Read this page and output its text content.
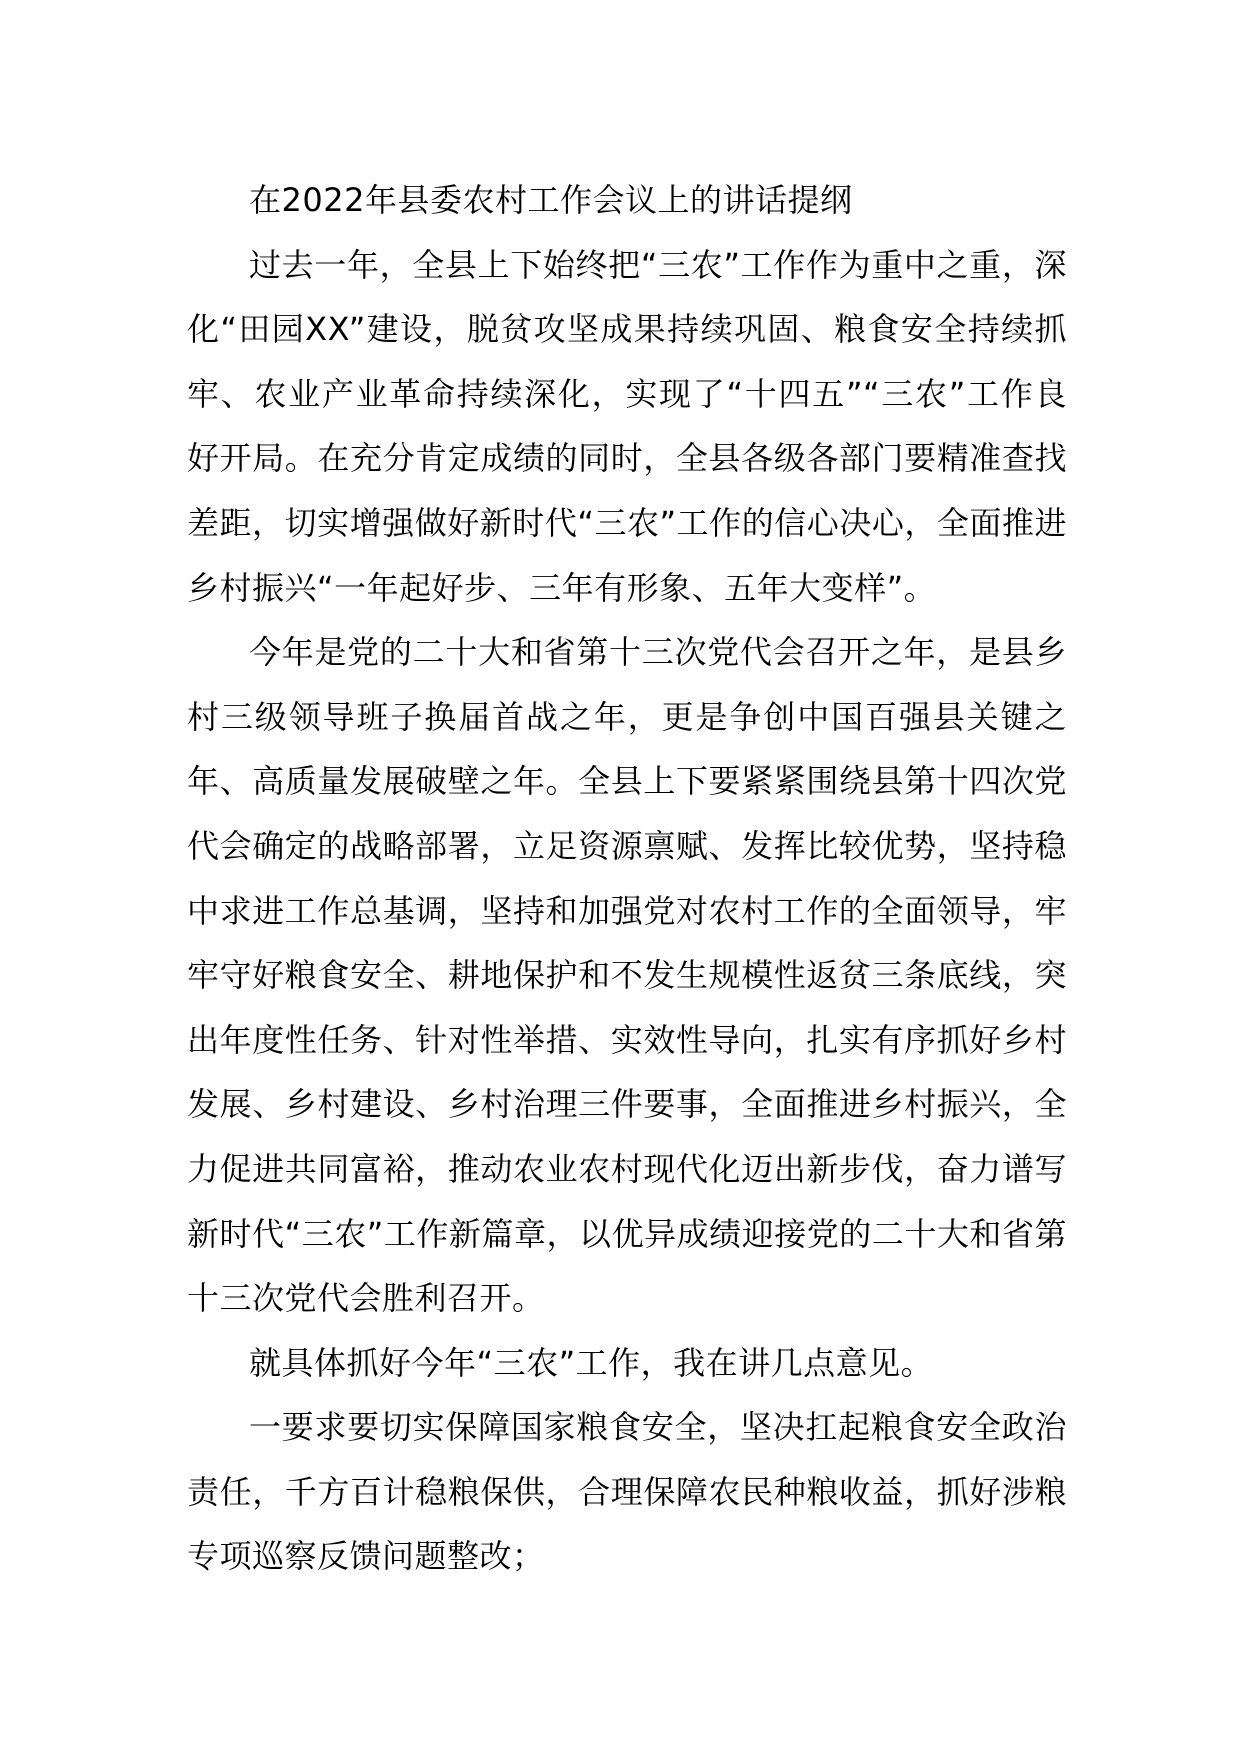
在2022年县委农村工作会议上的讲话提纲

过去一年，全县上下始终把“三农”工作作为重中之重，深化“田园XX”建设，脱贫攻坚成果持续巩固、粮食安全持续抓牢、农业产业革命持续深化，实现了“十四五”“三农”工作良好开局。在充分肯定成绩的同时，全县各级各部门要精准查找差距，切实增强做好新时代“三农”工作的信心决心，全面推进乡村振兴“一年起好步、三年有形象、五年大变样”。

今年是党的二十大和省第十三次党代会召开之年，是县乡村三级领导班子换届首战之年，更是争创中国百强县关键之年、高质量发展破壁之年。全县上下要紧紧围绕县第十四次党代会确定的战略部署，立足资源禀赋、发挥比较优势，坚持稳中求进工作总基调，坚持和加强党对农村工作的全面领导，牢牢守好粮食安全、耕地保护和不发生规模性返贫三条底线，突出年度性任务、针对性举措、实效性导向，扎实有序抓好乡村发展、乡村建设、乡村治理三件要事，全面推进乡村振兴，全力促进共同富裕，推动农业农村现代化迈出新步伐，奋力谱写新时代“三农”工作新篇章，以优异成绩迎接党的二十大和省第十三次党代会胜利召开。

就具体抓好今年“三农”工作，我在讲几点意见。

一要求要切实保障国家粮食安全，坚决扛起粮食安全政治责任，千方百计稳粮保供，合理保障农民种粮收益，抓好涉粮专项巡察反馈问题整改；
